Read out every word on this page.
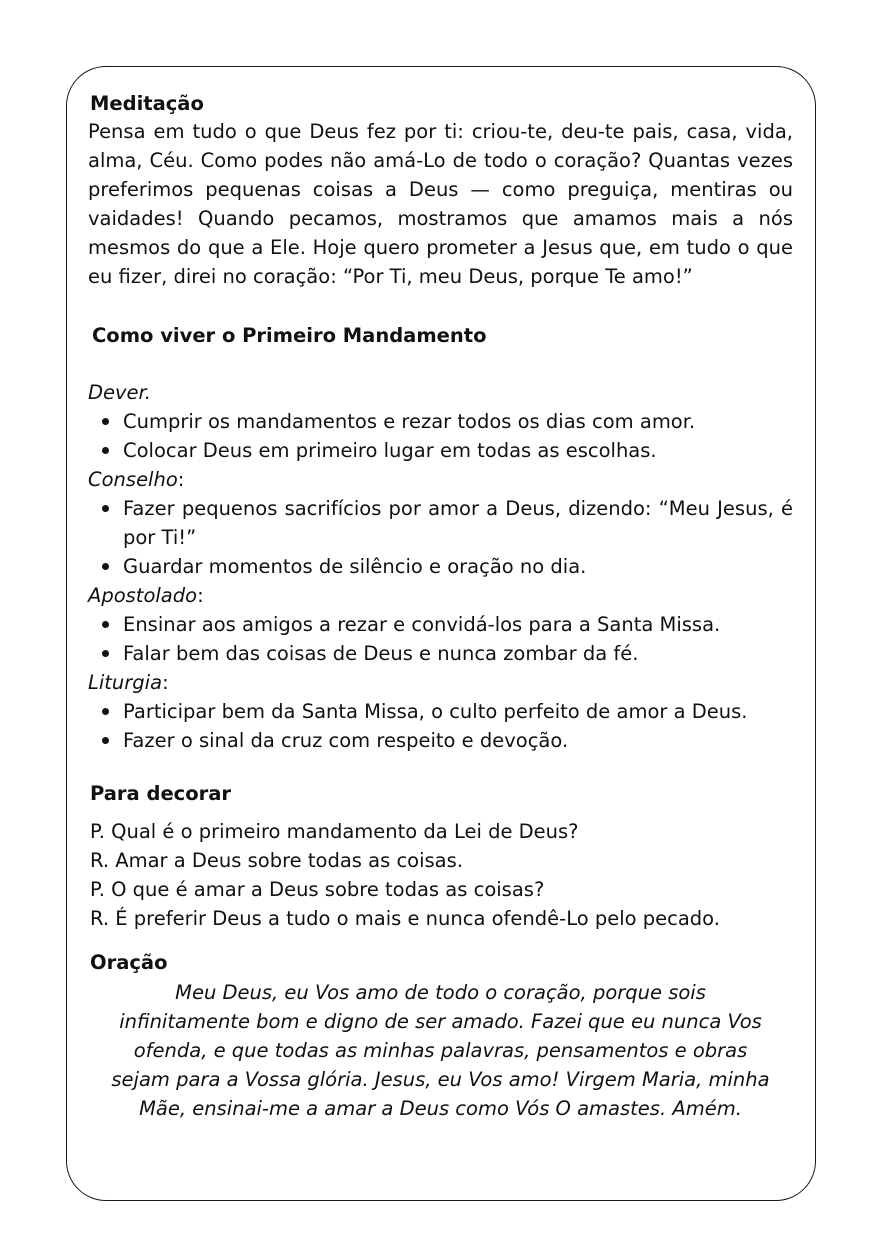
Meditação

Pensa em tudo o que Deus fez por ti: criou-te, deu-te pais, casa, vida, alma, Céu. Como podes não amá-Lo de todo o coração? Quantas vezes preferimos pequenas coisas a Deus — como preguiça, mentiras ou vaidades! Quando pecamos, mostramos que amamos mais a nós mesmos do que a Ele. Hoje quero prometer a Jesus que, em tudo o que eu fizer, direi no coração: “Por Ti, meu Deus, porque Te amo!”

Como viver o Primeiro Mandamento

Dever.

Cumprir os mandamentos e rezar todos os dias com amor.
Colocar Deus em primeiro lugar em todas as escolhas.

Conselho:

Fazer pequenos sacrifícios por amor a Deus, dizendo: “Meu Jesus, é por Ti!”
Guardar momentos de silêncio e oração no dia.

Apostolado:

Ensinar aos amigos a rezar e convidá-los para a Santa Missa.
Falar bem das coisas de Deus e nunca zombar da fé.

Liturgia:

Participar bem da Santa Missa, o culto perfeito de amor a Deus.
Fazer o sinal da cruz com respeito e devoção.
Para decorar

P. Qual é o primeiro mandamento da Lei de Deus?

R. Amar a Deus sobre todas as coisas.

P. O que é amar a Deus sobre todas as coisas?

R. É preferir Deus a tudo o mais e nunca ofendê-Lo pelo pecado.

Oração

Meu Deus, eu Vos amo de todo o coração, porque sois infinitamente bom e digno de ser amado. Fazei que eu nunca Vos ofenda, e que todas as minhas palavras, pensamentos e obras sejam para a Vossa glória. Jesus, eu Vos amo! Virgem Maria, minha Mãe, ensinai-me a amar a Deus como Vós O amastes. Amém.
